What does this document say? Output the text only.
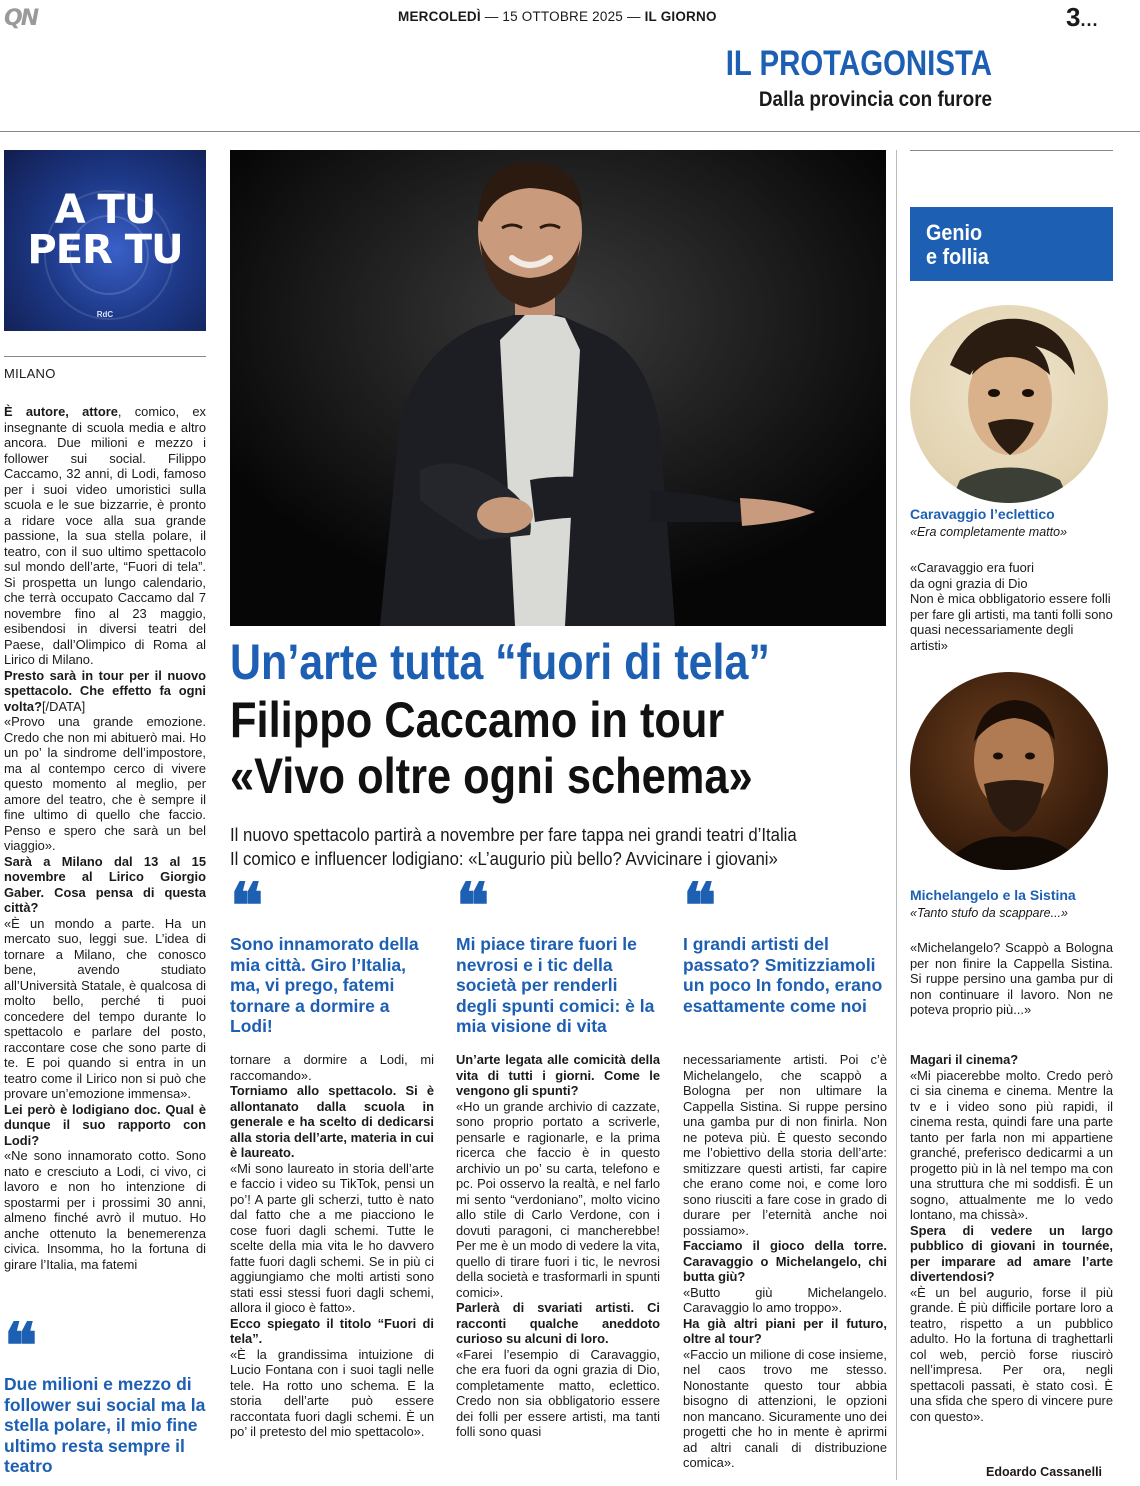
QN	MERCOLEDÌ — 15 OTTOBRE 2025 — IL GIORNO	3...
IL PROTAGONISTA
Dalla provincia con furore
A TU
PER TU
RdC
MILANO

È autore, attore, comico, ex insegnante di scuola media e altro ancora. Due milioni e mezzo i follower sui social. Filippo Caccamo, 32 anni, di Lodi, famoso per i suoi video umoristici sulla scuola e le sue bizzarrie, è pronto a ridare voce alla sua grande passione, la sua stella polare, il teatro, con il suo ultimo spettacolo sul mondo dell’arte, “Fuori di tela”. Si prospetta un lungo calendario, che terrà occupato Caccamo dal 7 novembre fino al 23 maggio, esibendosi in diversi teatri del Paese, dall’Olimpico di Roma al Lirico di Milano.

Presto sarà in tour per il nuovo spettacolo. Che effetto fa ogni volta?[/DATA]

«Provo una grande emozione. Credo che non mi abituerò mai. Ho un po’ la sindrome dell’impostore, ma al contempo cerco di vivere questo momento al meglio, per amore del teatro, che è sempre il fine ultimo di quello che faccio. Penso e spero che sarà un bel viaggio».

Sarà a Milano dal 13 al 15 novembre al Lirico Giorgio Gaber. Cosa pensa di questa città?

«È un mondo a parte. Ha un mercato suo, leggi sue. L’idea di tornare a Milano, che conosco bene, avendo studiato all’Università Statale, è qualcosa di molto bello, perché ti puoi concedere del tempo durante lo spettacolo e parlare del posto, raccontare cose che sono parte di te. E poi quando si entra in un teatro come il Lirico non si può che provare un’emozione immensa».

Lei però è lodigiano doc. Qual è dunque il suo rapporto con Lodi?

«Ne sono innamorato cotto. Sono nato e cresciuto a Lodi, ci vivo, ci lavoro e non ho intenzione di spostarmi per i prossimi 30 anni, almeno finché avrò il mutuo. Ho anche ottenuto la benemerenza civica. Insomma, ho la fortuna di girare l’Italia, ma fatemi

❝
Due milioni e mezzo di follower sui social ma la stella polare, il mio fine ultimo resta sempre il teatro
Un’arte tutta “fuori di tela”
Filippo Caccamo in tour
«Vivo oltre ogni schema»
Il nuovo spettacolo partirà a novembre per fare tappa nei grandi teatri d’Italia
Il comico e influencer lodigiano: «L’augurio più bello? Avvicinare i giovani»
❝
Sono innamorato della mia città. Giro l’Italia, ma, vi prego, fatemi tornare a dormire a Lodi!
❝
Mi piace tirare fuori le nevrosi e i tic della società per renderli degli spunti comici: è la mia visione di vita
❝
I grandi artisti del passato? Smitizziamoli un poco In fondo, erano esattamente come noi

tornare a dormire a Lodi, mi raccomando».

Torniamo allo spettacolo. Si è allontanato dalla scuola in generale e ha scelto di dedicarsi alla storia dell’arte, materia in cui è laureato.

«Mi sono laureato in storia dell’arte e faccio i video su TikTok, pensi un po’! A parte gli scherzi, tutto è nato dal fatto che a me piacciono le cose fuori dagli schemi. Tutte le scelte della mia vita le ho davvero fatte fuori dagli schemi. Se in più ci aggiungiamo che molti artisti sono stati essi stessi fuori dagli schemi, allora il gioco è fatto».

Ecco spiegato il titolo “Fuori di tela”.

«È la grandissima intuizione di Lucio Fontana con i suoi tagli nelle tele. Ha rotto uno schema. E la storia dell’arte può essere raccontata fuori dagli schemi. È un po’ il pretesto del mio spettacolo».

Un’arte legata alle comicità della vita di tutti i giorni. Come le vengono gli spunti?

«Ho un grande archivio di cazzate, sono proprio portato a scriverle, pensarle e ragionarle, e la prima ricerca che faccio è in questo archivio un po’ su carta, telefono e pc. Poi osservo la realtà, e nel farlo mi sento “verdoniano”, molto vicino allo stile di Carlo Verdone, con i dovuti paragoni, ci mancherebbe! Per me è un modo di vedere la vita, quello di tirare fuori i tic, le nevrosi della società e trasformarli in spunti comici».

Parlerà di svariati artisti. Ci racconti qualche aneddoto curioso su alcuni di loro.

«Farei l’esempio di Caravaggio, che era fuori da ogni grazia di Dio, completamente matto, eclettico. Credo non sia obbligatorio essere dei folli per essere artisti, ma tanti folli sono quasi

necessariamente artisti. Poi c’è Michelangelo, che scappò a Bologna per non ultimare la Cappella Sistina. Si ruppe persino una gamba pur di non finirla. Non ne poteva più. È questo secondo me l’obiettivo della storia dell’arte: smitizzare questi artisti, far capire che erano come noi, e come loro sono riusciti a fare cose in grado di durare per l’eternità anche noi possiamo».

Facciamo il gioco della torre. Caravaggio o Michelangelo, chi butta giù?

«Butto giù Michelangelo. Caravaggio lo amo troppo».

Ha già altri piani per il futuro, oltre al tour?

«Faccio un milione di cose insieme, nel caos trovo me stesso. Nonostante questo tour abbia bisogno di attenzioni, le opzioni non mancano. Sicuramente uno dei progetti che ho in mente è aprirmi ad altri canali di distribuzione comica».

Genio
e follia
Caravaggio l’eclettico
«Era completamente matto»

«Caravaggio era fuori

da ogni grazia di Dio

Non è mica obbligatorio essere folli per fare gli artisti, ma tanti folli sono quasi necessariamente degli artisti»

Michelangelo e la Sistina
«Tanto stufo da scappare...»
«Michelangelo? Scappò a Bologna per non finire la Cappella Sistina. Si ruppe persino una gamba pur di non continuare il lavoro. Non ne poteva proprio più...»

Magari il cinema?

«Mi piacerebbe molto. Credo però ci sia cinema e cinema. Mentre la tv e i video sono più rapidi, il cinema resta, quindi fare una parte tanto per farla non mi appartiene granché, preferisco dedicarmi a un progetto più in là nel tempo ma con una struttura che mi soddisfi. È un sogno, attualmente me lo vedo lontano, ma chissà».

Spera di vedere un largo pubblico di giovani in tournée, per imparare ad amare l’arte divertendosi?

«È un bel augurio, forse il più grande. È più difficile portare loro a teatro, rispetto a un pubblico adulto. Ho la fortuna di traghettarli col web, perciò forse riuscirò nell’impresa. Per ora, negli spettacoli passati, è stato così. È una sfida che spero di vincere pure con questo».

Edoardo Cassanelli
